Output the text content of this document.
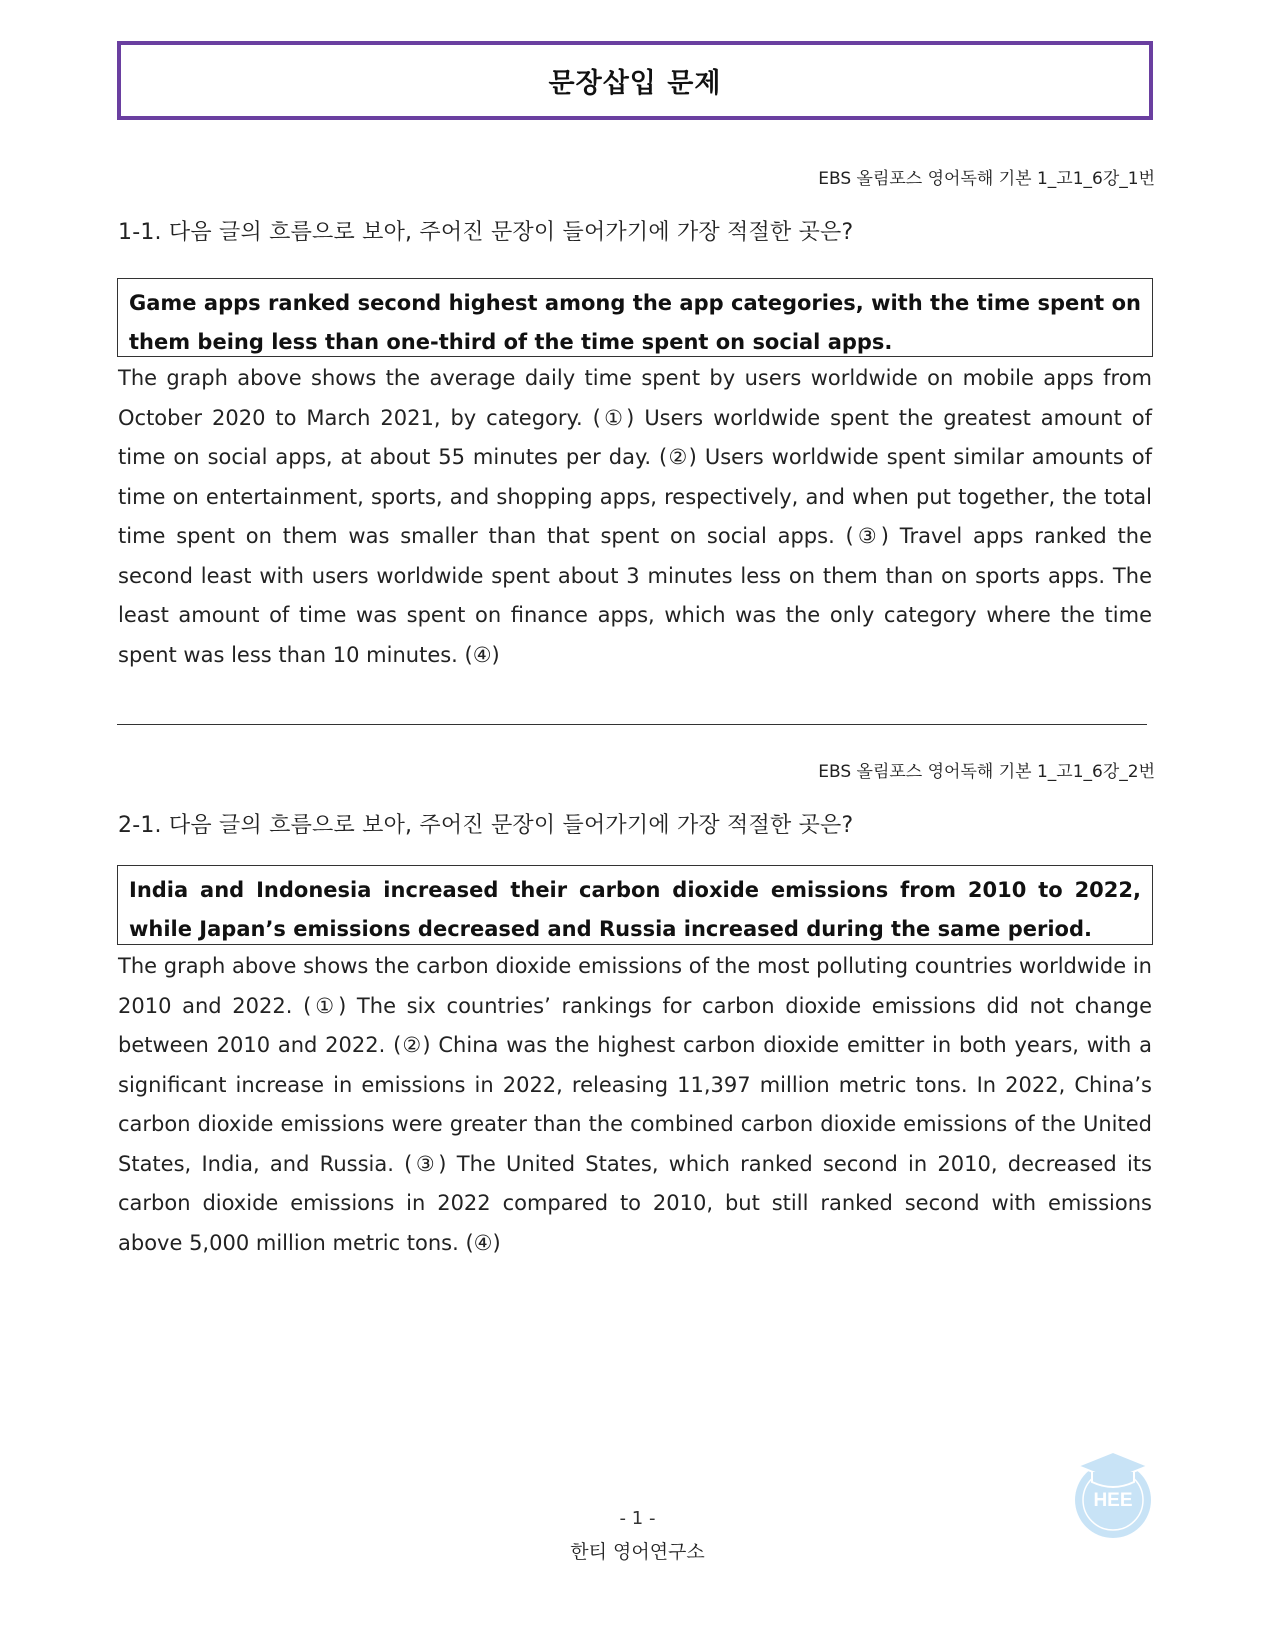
문장삽입 문제
EBS 올림포스 영어독해 기본 1_고1_6강_1번
1-1. 다음 글의 흐름으로 보아, 주어진 문장이 들어가기에 가장 적절한 곳은?
Game apps ranked second highest among the app categories, with the time spent on them being less than one-third of the time spent on social apps.
The graph above shows the average daily time spent by users worldwide on mobile apps from October 2020 to March 2021, by category. (①) Users worldwide spent the greatest amount of time on social apps, at about 55 minutes per day. (②) Users worldwide spent similar amounts of time on entertainment, sports, and shopping apps, respectively, and when put together, the total time spent on them was smaller than that spent on social apps. (③) Travel apps ranked the second least with users worldwide spent about 3 minutes less on them than on sports apps. The least amount of time was spent on finance apps, which was the only category where the time spent was less than 10 minutes. (④)
EBS 올림포스 영어독해 기본 1_고1_6강_2번
2-1. 다음 글의 흐름으로 보아, 주어진 문장이 들어가기에 가장 적절한 곳은?
India and Indonesia increased their carbon dioxide emissions from 2010 to 2022, while Japan’s emissions decreased and Russia increased during the same period.
The graph above shows the carbon dioxide emissions of the most polluting countries worldwide in 2010 and 2022. (①) The six countries’ rankings for carbon dioxide emissions did not change between 2010 and 2022. (②) China was the highest carbon dioxide emitter in both years, with a significant increase in emissions in 2022, releasing 11,397 million metric tons. In 2022, China’s carbon dioxide emissions were greater than the combined carbon dioxide emissions of the United States, India, and Russia. (③) The United States, which ranked second in 2010, decreased its carbon dioxide emissions in 2022 compared to 2010, but still ranked second with emissions above 5,000 million metric tons. (④)
- 1 -
한티 영어연구소
HEE
